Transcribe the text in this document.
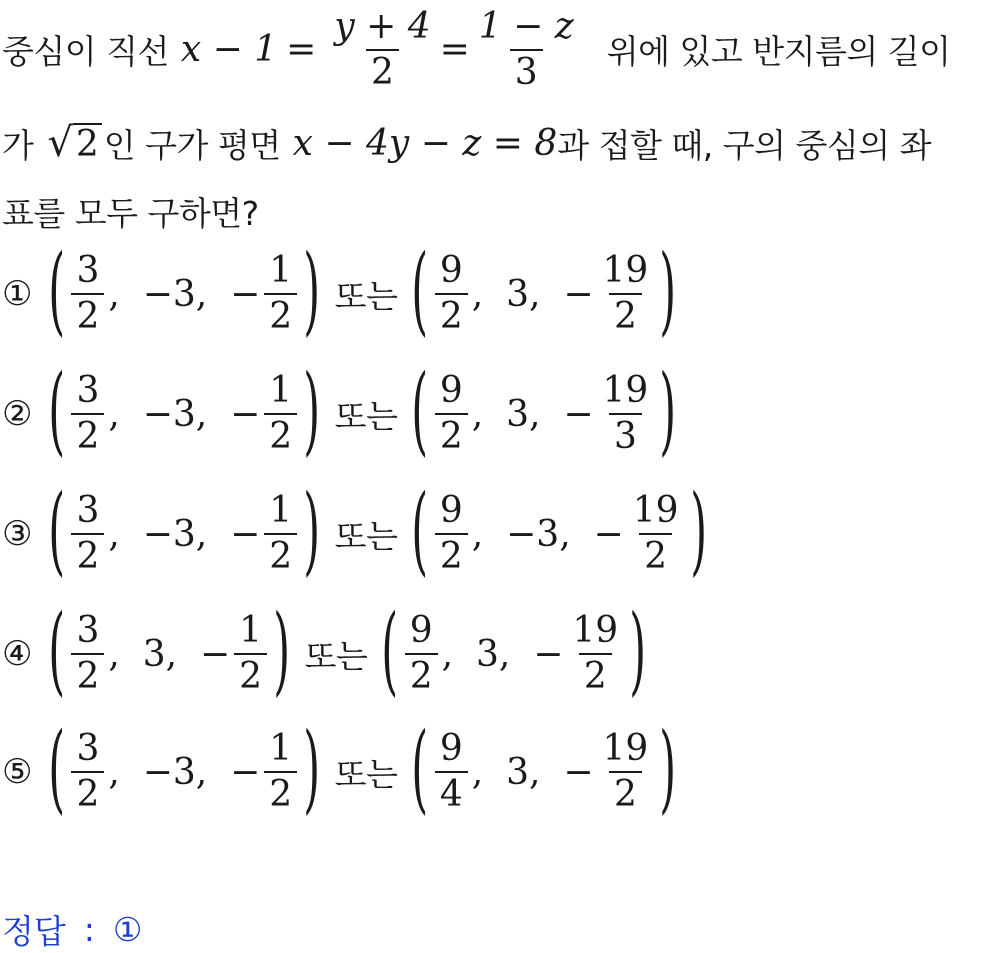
중심이 직선 $x - 1 = \frac{y + 4}{2} = \frac{1 - z}{3}$ 위에 있고 반지름의 길이
가 √ 2 인 구가 평면 x − 4y − z = 8 과 접할 때, 구의 중심의 좌
표를 모두 구하면?
① ( $\frac{3}{2}$ , −3 , − $\frac{1}{2}$ ) 또는 ( $\frac{9}{2}$ , 3 , − $\frac{19}{2}$ )
② ( $\frac{3}{2}$ , −3 , − $\frac{1}{2}$ ) 또는 ( $\frac{9}{2}$ , 3 , − $\frac{19}{3}$ )
③ ( $\frac{3}{2}$ , −3 , − $\frac{1}{2}$ ) 또는 ( $\frac{9}{2}$ , −3 , − $\frac{19}{2}$ )
④ ( $\frac{3}{2}$ , 3 , − $\frac{1}{2}$ ) 또는 ( $\frac{9}{2}$ , 3 , − $\frac{19}{2}$ )
⑤ ( $\frac{3}{2}$ , −3 , − $\frac{1}{2}$ ) 또는 ( $\frac{9}{4}$ , 3 , − $\frac{19}{2}$ )
정답 : ①
